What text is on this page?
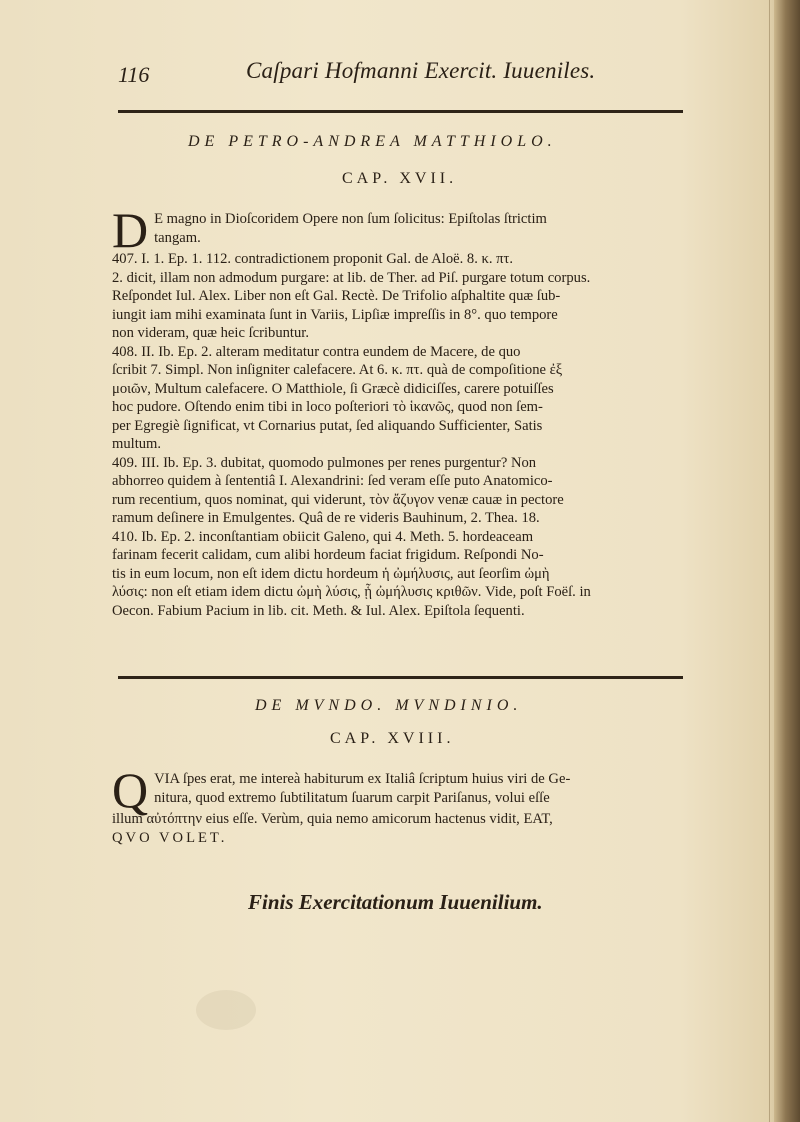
116	Caſpari Hofmanni Exercit. Iuueniles.
DE PETRO-ANDREA MATTHIOLO.
CAP. XVII.
D E magno in Dioſcoridem Opere non ſum ſolicitus: Epiſtolas ſtrictim
tangam.
407. I. 1. Ep. 1. 112. contradictionem proponit Gal. de Aloë. 8. κ. πτ.
2. dicit, illam non admodum purgare: at lib. de Ther. ad Piſ. purgare totum corpus.
Reſpondet Iul. Alex. Liber non eſt Gal. Rectè. De Trifolio aſphaltite quæ ſub-
iungit iam mihi examinata ſunt in Variis, Lipſiæ impreſſis in 8°. quo tempore
non videram, quæ heic ſcribuntur.
408. II. Ib. Ep. 2. alteram meditatur contra eundem de Macere, de quo
ſcribit 7. Simpl. Non inſigniter calefacere. At 6. κ. πτ. quà de compoſitione ἐξ
μοιῶν, Multum calefacere. O Matthiole, ſi Græcè didiciſſes, carere potuiſſes
hoc pudore. Oſtendo enim tibi in loco poſteriori τὸ ἱκανῶς, quod non ſem-
per Egregiè ſignificat, vt Cornarius putat, ſed aliquando Sufficienter, Satis
multum.
409. III. Ib. Ep. 3. dubitat, quomodo pulmones per renes purgentur? Non
abhorreo quidem à ſententiâ I. Alexandrini: ſed veram eſſe puto Anatomico-
rum recentium, quos nominat, qui viderunt, τὸν ἄζυγον venæ cauæ in pectore
ramum deſinere in Emulgentes. Quâ de re videris Bauhinum, 2. Thea. 18.
410. Ib. Ep. 2. inconſtantiam obiicit Galeno, qui 4. Meth. 5. hordeaceam
farinam fecerit calidam, cum alibi hordeum faciat frigidum. Reſpondi No-
tis in eum locum, non eſt idem dictu hordeum ἡ ὠμήλυσις, aut ſeorſim ὠμὴ
λύσις: non eſt etiam idem dictu ὠμὴ λύσις, ᾗ ὠμήλυσις κριθῶν. Vide, poſt Foëſ. in
Oecon. Fabium Pacium in lib. cit. Meth. & Iul. Alex. Epiſtola ſequenti.
DE MVNDO. MVNDINIO.
CAP. XVIII.
Q VIA ſpes erat, me intereà habiturum ex Italiâ ſcriptum huius viri de Ge-
nitura, quod extremo ſubtilitatum ſuarum carpit Pariſanus, volui eſſe
illum αὐτόπτην eius eſſe. Verùm, quia nemo amicorum hactenus vidit, EAT,
QVO VOLET.
Finis Exercitationum Iuuenilium.
